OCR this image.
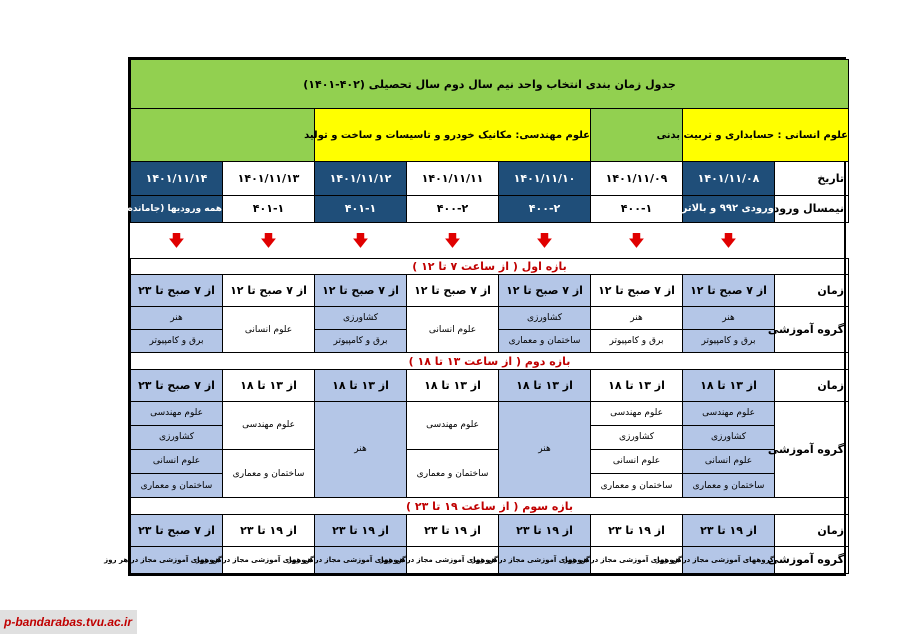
جدول زمان بندی انتخاب واحد نیم سال دوم سال تحصیلی (۴۰۲-۱۴۰۱)							
علوم انسانی : حسابداری و تربیت بدنی			علوم مهندسی: مکانیک خودرو و تاسیسات و ساخت و تولید				
تاریخ	۱۴۰۱/۱۱/۰۸	۱۴۰۱/۱۱/۰۹	۱۴۰۱/۱۱/۱۰	۱۴۰۱/۱۱/۱۱	۱۴۰۱/۱۱/۱۲	۱۴۰۱/۱۱/۱۳	۱۴۰۱/۱۱/۱۴
نیمسال ورود	ورودی ۹۹۲ و بالاتر	۴۰۰-۱	۴۰۰-۲	۴۰۰-۲	۴۰۱-۱	۴۰۱-۱	همه ورودیها (جامانده)
	🡇	🡇	🡇	🡇	🡇	🡇	🡇
بازه اول ( از ساعت ۷ تا ۱۲ )							
زمان	از ۷ صبح تا ۱۲	از ۷ صبح تا ۱۲	از ۷ صبح تا ۱۲	از ۷ صبح تا ۱۲	از ۷ صبح تا ۱۲	از ۷ صبح تا ۱۲	از ۷ صبح تا ۲۳
گروه آموزشی	هنر	هنر	کشاورزی	علوم انسانی	کشاورزی	علوم انسانی	هنر
	برق و کامپیوتر	برق و کامپیوتر	ساختمان و معماری		برق و کامپیوتر		برق و کامپیوتر
بازه دوم ( از ساعت ۱۳ تا ۱۸ )							
زمان	از ۱۳ تا ۱۸	از ۱۳ تا ۱۸	از ۱۳ تا ۱۸	از ۱۳ تا ۱۸	از ۱۳ تا ۱۸	از ۱۳ تا ۱۸	از ۷ صبح تا ۲۳
گروه آموزشی	علوم مهندسی	علوم مهندسی	هنر	علوم مهندسی	هنر	علوم مهندسی	علوم مهندسی
	کشاورزی	کشاورزی					کشاورزی
	علوم انسانی	علوم انسانی		ساختمان و معماری		ساختمان و معماری	علوم انسانی
	ساختمان و معماری	ساختمان و معماری					ساختمان و معماری
بازه سوم ( از ساعت ۱۹ تا ۲۳ )							
زمان	از ۱۹ تا ۲۳	از ۱۹ تا ۲۳	از ۱۹ تا ۲۳	از ۱۹ تا ۲۳	از ۱۹ تا ۲۳	از ۱۹ تا ۲۳	از ۷ صبح تا ۲۳
گروه آموزشی	گروههای آموزشی مجاز در هر روز	گروههای آموزشی مجاز در هر روز	گروههای آموزشی مجاز در هر روز	گروههای آموزشی مجاز در هر روز	گروههای آموزشی مجاز در هر روز	گروههای آموزشی مجاز در هر روز	گروههای آموزشی مجاز در هر روز
p-bandarabas.tvu.ac.ir
